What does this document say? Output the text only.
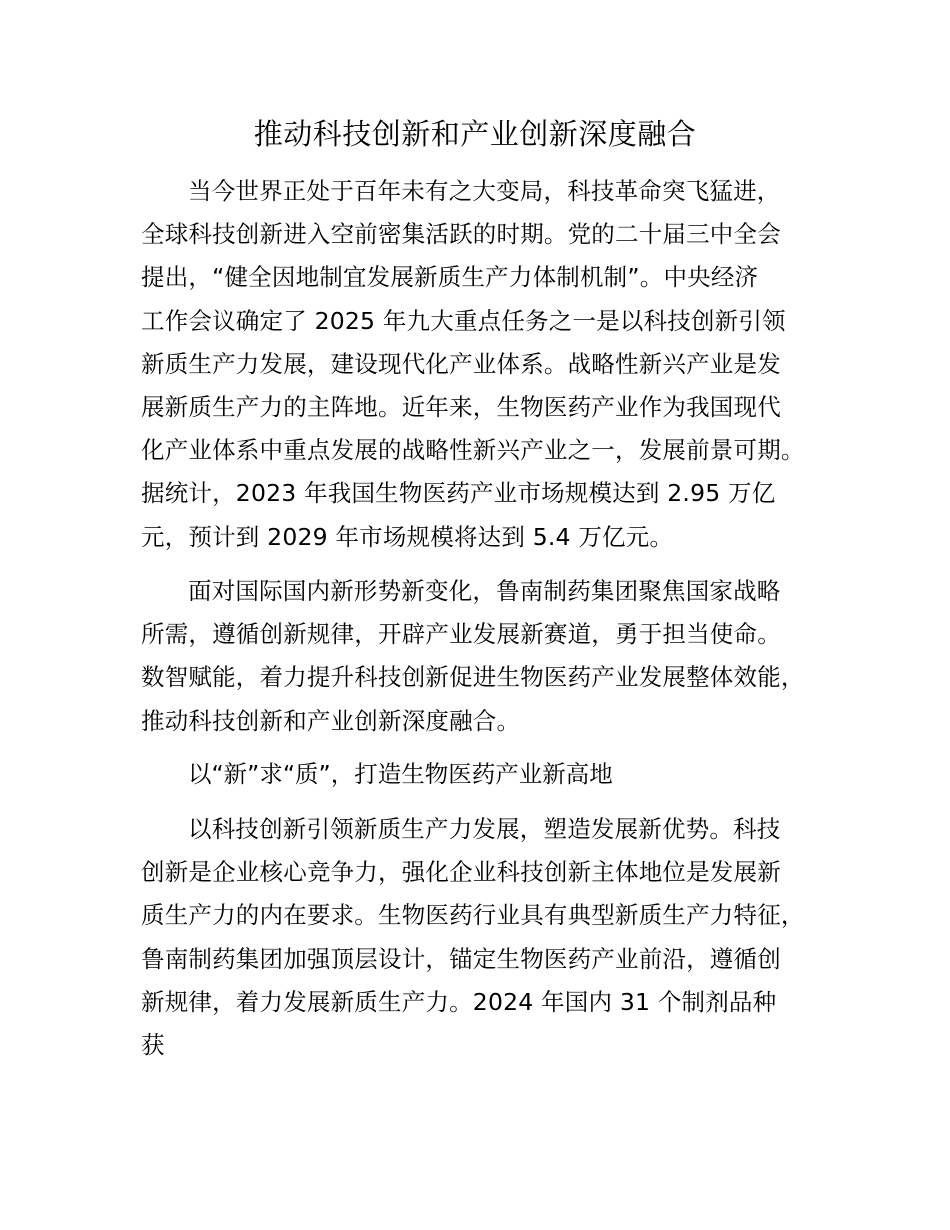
推动科技创新和产业创新深度融合
当今世界正处于百年未有之大变局，科技革命突飞猛进，
全球科技创新进入空前密集活跃的时期。党的二十届三中全会
提出，“健全因地制宜发展新质生产力体制机制”。中央经济
工作会议确定了 2025 年九大重点任务之一是以科技创新引领
新质生产力发展，建设现代化产业体系。战略性新兴产业是发
展新质生产力的主阵地。近年来，生物医药产业作为我国现代
化产业体系中重点发展的战略性新兴产业之一，发展前景可期。
据统计，2023 年我国生物医药产业市场规模达到 2.95 万亿
元，预计到 2029 年市场规模将达到 5.4 万亿元。
面对国际国内新形势新变化，鲁南制药集团聚焦国家战略
所需，遵循创新规律，开辟产业发展新赛道，勇于担当使命。
数智赋能，着力提升科技创新促进生物医药产业发展整体效能，
推动科技创新和产业创新深度融合。
以“新”求“质”，打造生物医药产业新高地
以科技创新引领新质生产力发展，塑造发展新优势。科技
创新是企业核心竞争力，强化企业科技创新主体地位是发展新
质生产力的内在要求。生物医药行业具有典型新质生产力特征，
鲁南制药集团加强顶层设计，锚定生物医药产业前沿，遵循创
新规律，着力发展新质生产力。2024 年国内 31 个制剂品种
获
